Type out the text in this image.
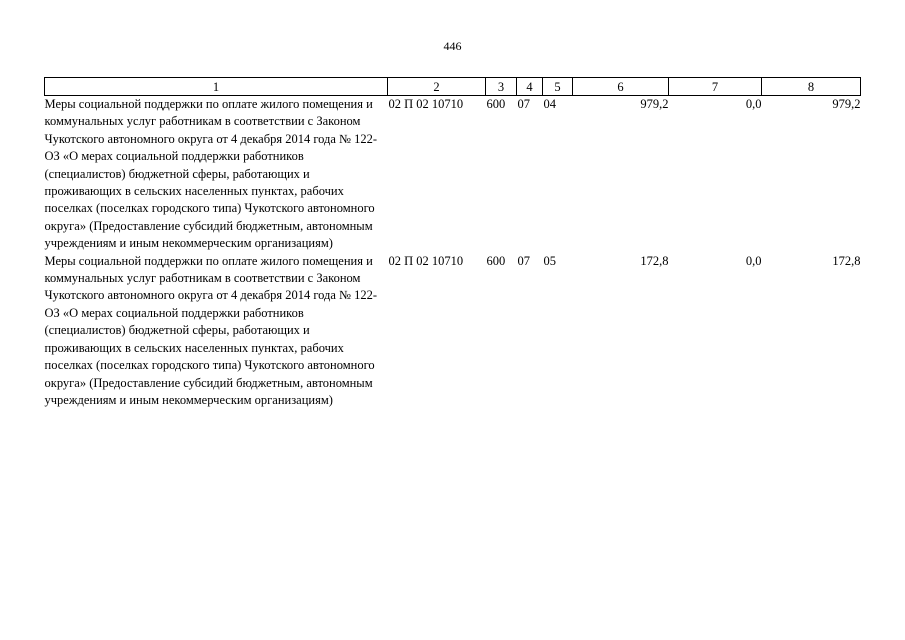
446
1	2	3	4	5	6	7	8
Меры социальной поддержки по оплате жилого помещения и коммунальных услуг работникам в соответствии с Законом Чукотского автономного округа от 4 декабря 2014 года № 122-ОЗ «О мерах социальной поддержки работников (специалистов) бюджетной сферы, работающих и проживающих в сельских населенных пунктах, рабочих поселках (поселках городского типа) Чукотского автономного округа» (Предоставление субсидий бюджетным, автономным учреждениям и иным некоммерческим организациям)	02 П 02 10710	600	07	04	979,2	0,0	979,2
Меры социальной поддержки по оплате жилого помещения и коммунальных услуг работникам в соответствии с Законом Чукотского автономного округа от 4 декабря 2014 года № 122-ОЗ «О мерах социальной поддержки работников (специалистов) бюджетной сферы, работающих и проживающих в сельских населенных пунктах, рабочих поселках (поселках городского типа) Чукотского автономного округа» (Предоставление субсидий бюджетным, автономным учреждениям и иным некоммерческим организациям)	02 П 02 10710	600	07	05	172,8	0,0	172,8
